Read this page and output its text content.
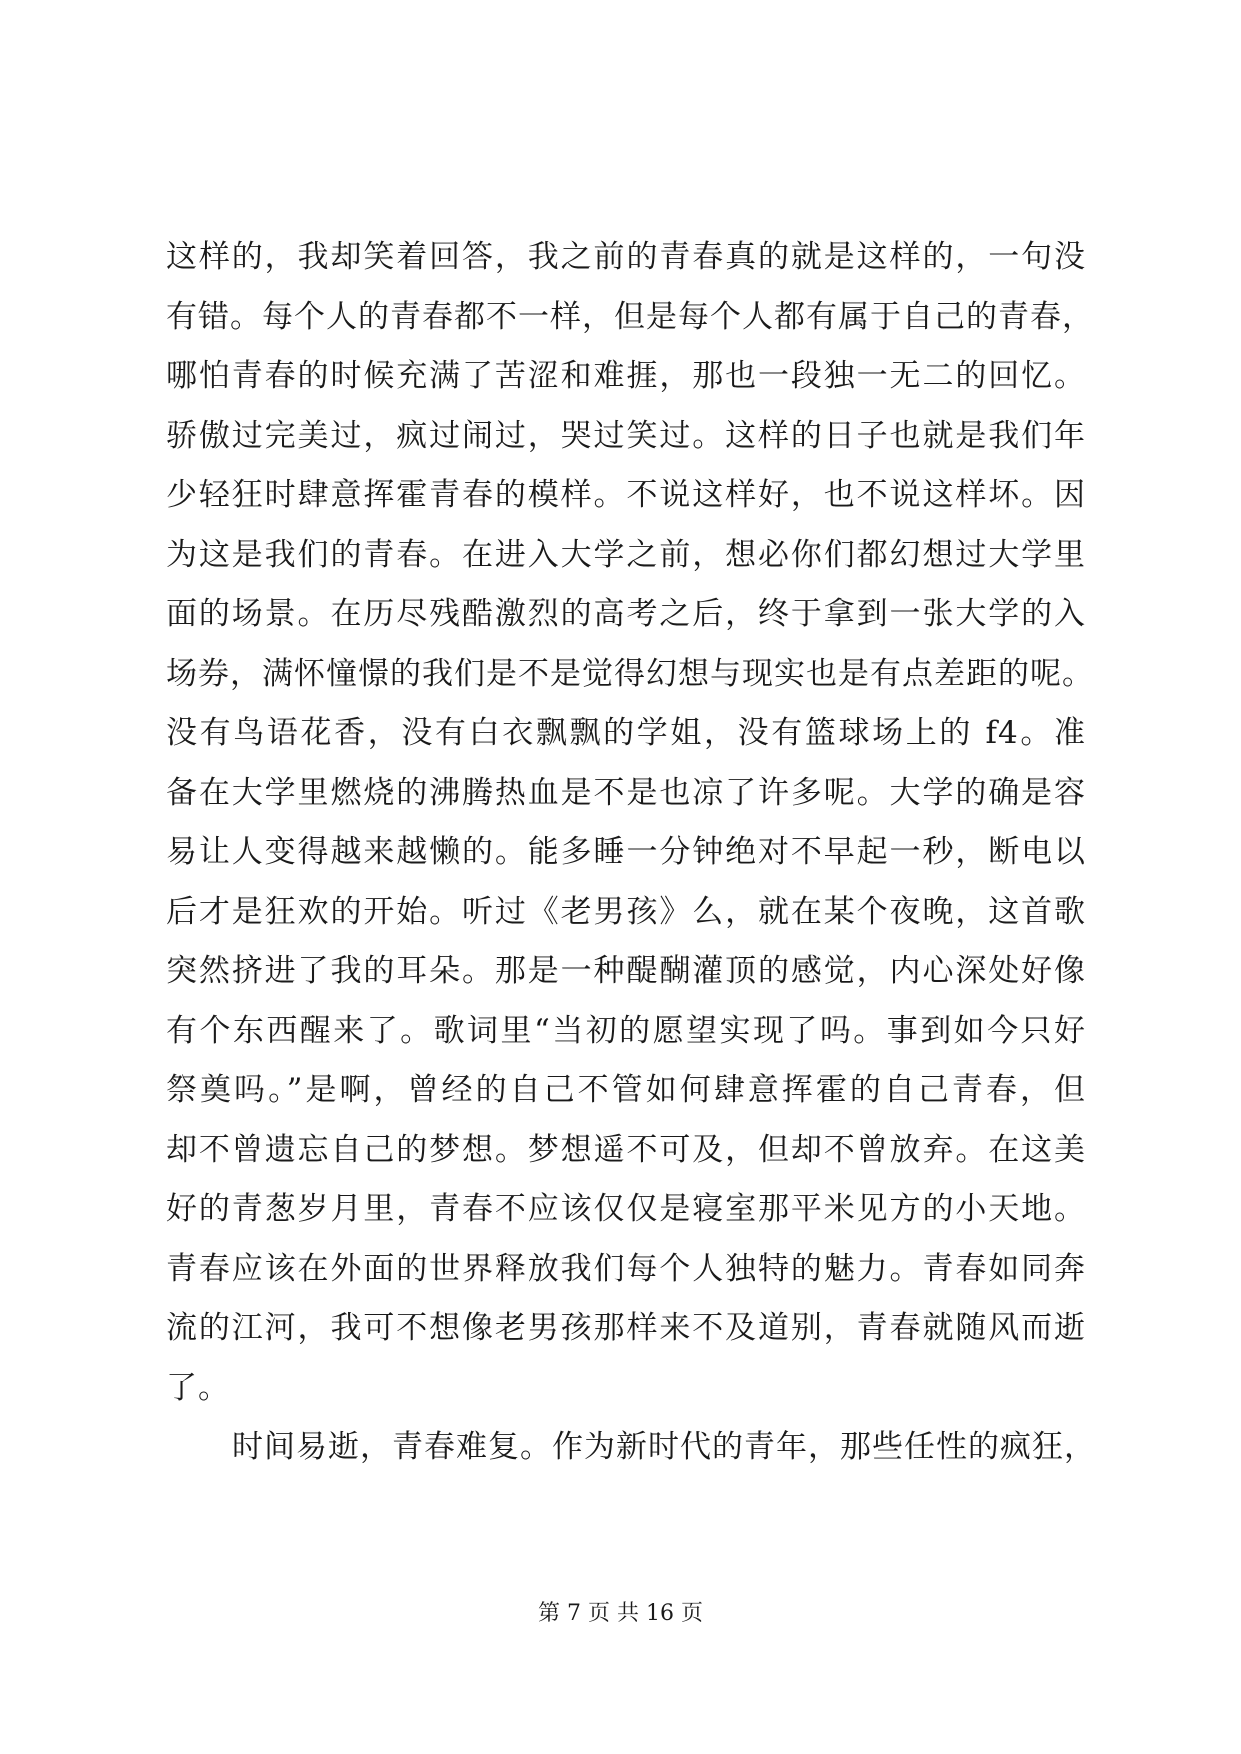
这样的，我却笑着回答，我之前的青春真的就是这样的，一句没
有错。每个人的青春都不一样，但是每个人都有属于自己的青春，
哪怕青春的时候充满了苦涩和难捱，那也一段独一无二的回忆。
骄傲过完美过，疯过闹过，哭过笑过。这样的日子也就是我们年
少轻狂时肆意挥霍青春的模样。不说这样好，也不说这样坏。因
为这是我们的青春。在进入大学之前，想必你们都幻想过大学里
面的场景。在历尽残酷激烈的高考之后，终于拿到一张大学的入
场券，满怀憧憬的我们是不是觉得幻想与现实也是有点差距的呢。
没有鸟语花香，没有白衣飘飘的学姐，没有篮球场上的 f4。准
备在大学里燃烧的沸腾热血是不是也凉了许多呢。大学的确是容
易让人变得越来越懒的。能多睡一分钟绝对不早起一秒，断电以
后才是狂欢的开始。听过《老男孩》么，就在某个夜晚，这首歌
突然挤进了我的耳朵。那是一种醍醐灌顶的感觉，内心深处好像
有个东西醒来了。歌词里“当初的愿望实现了吗。事到如今只好
祭奠吗。”是啊，曾经的自己不管如何肆意挥霍的自己青春，但
却不曾遗忘自己的梦想。梦想遥不可及，但却不曾放弃。在这美
好的青葱岁月里，青春不应该仅仅是寝室那平米见方的小天地。
青春应该在外面的世界释放我们每个人独特的魅力。青春如同奔
流的江河，我可不想像老男孩那样来不及道别，青春就随风而逝
了。
时间易逝，青春难复。作为新时代的青年，那些任性的疯狂，
第 7 页 共 16 页
